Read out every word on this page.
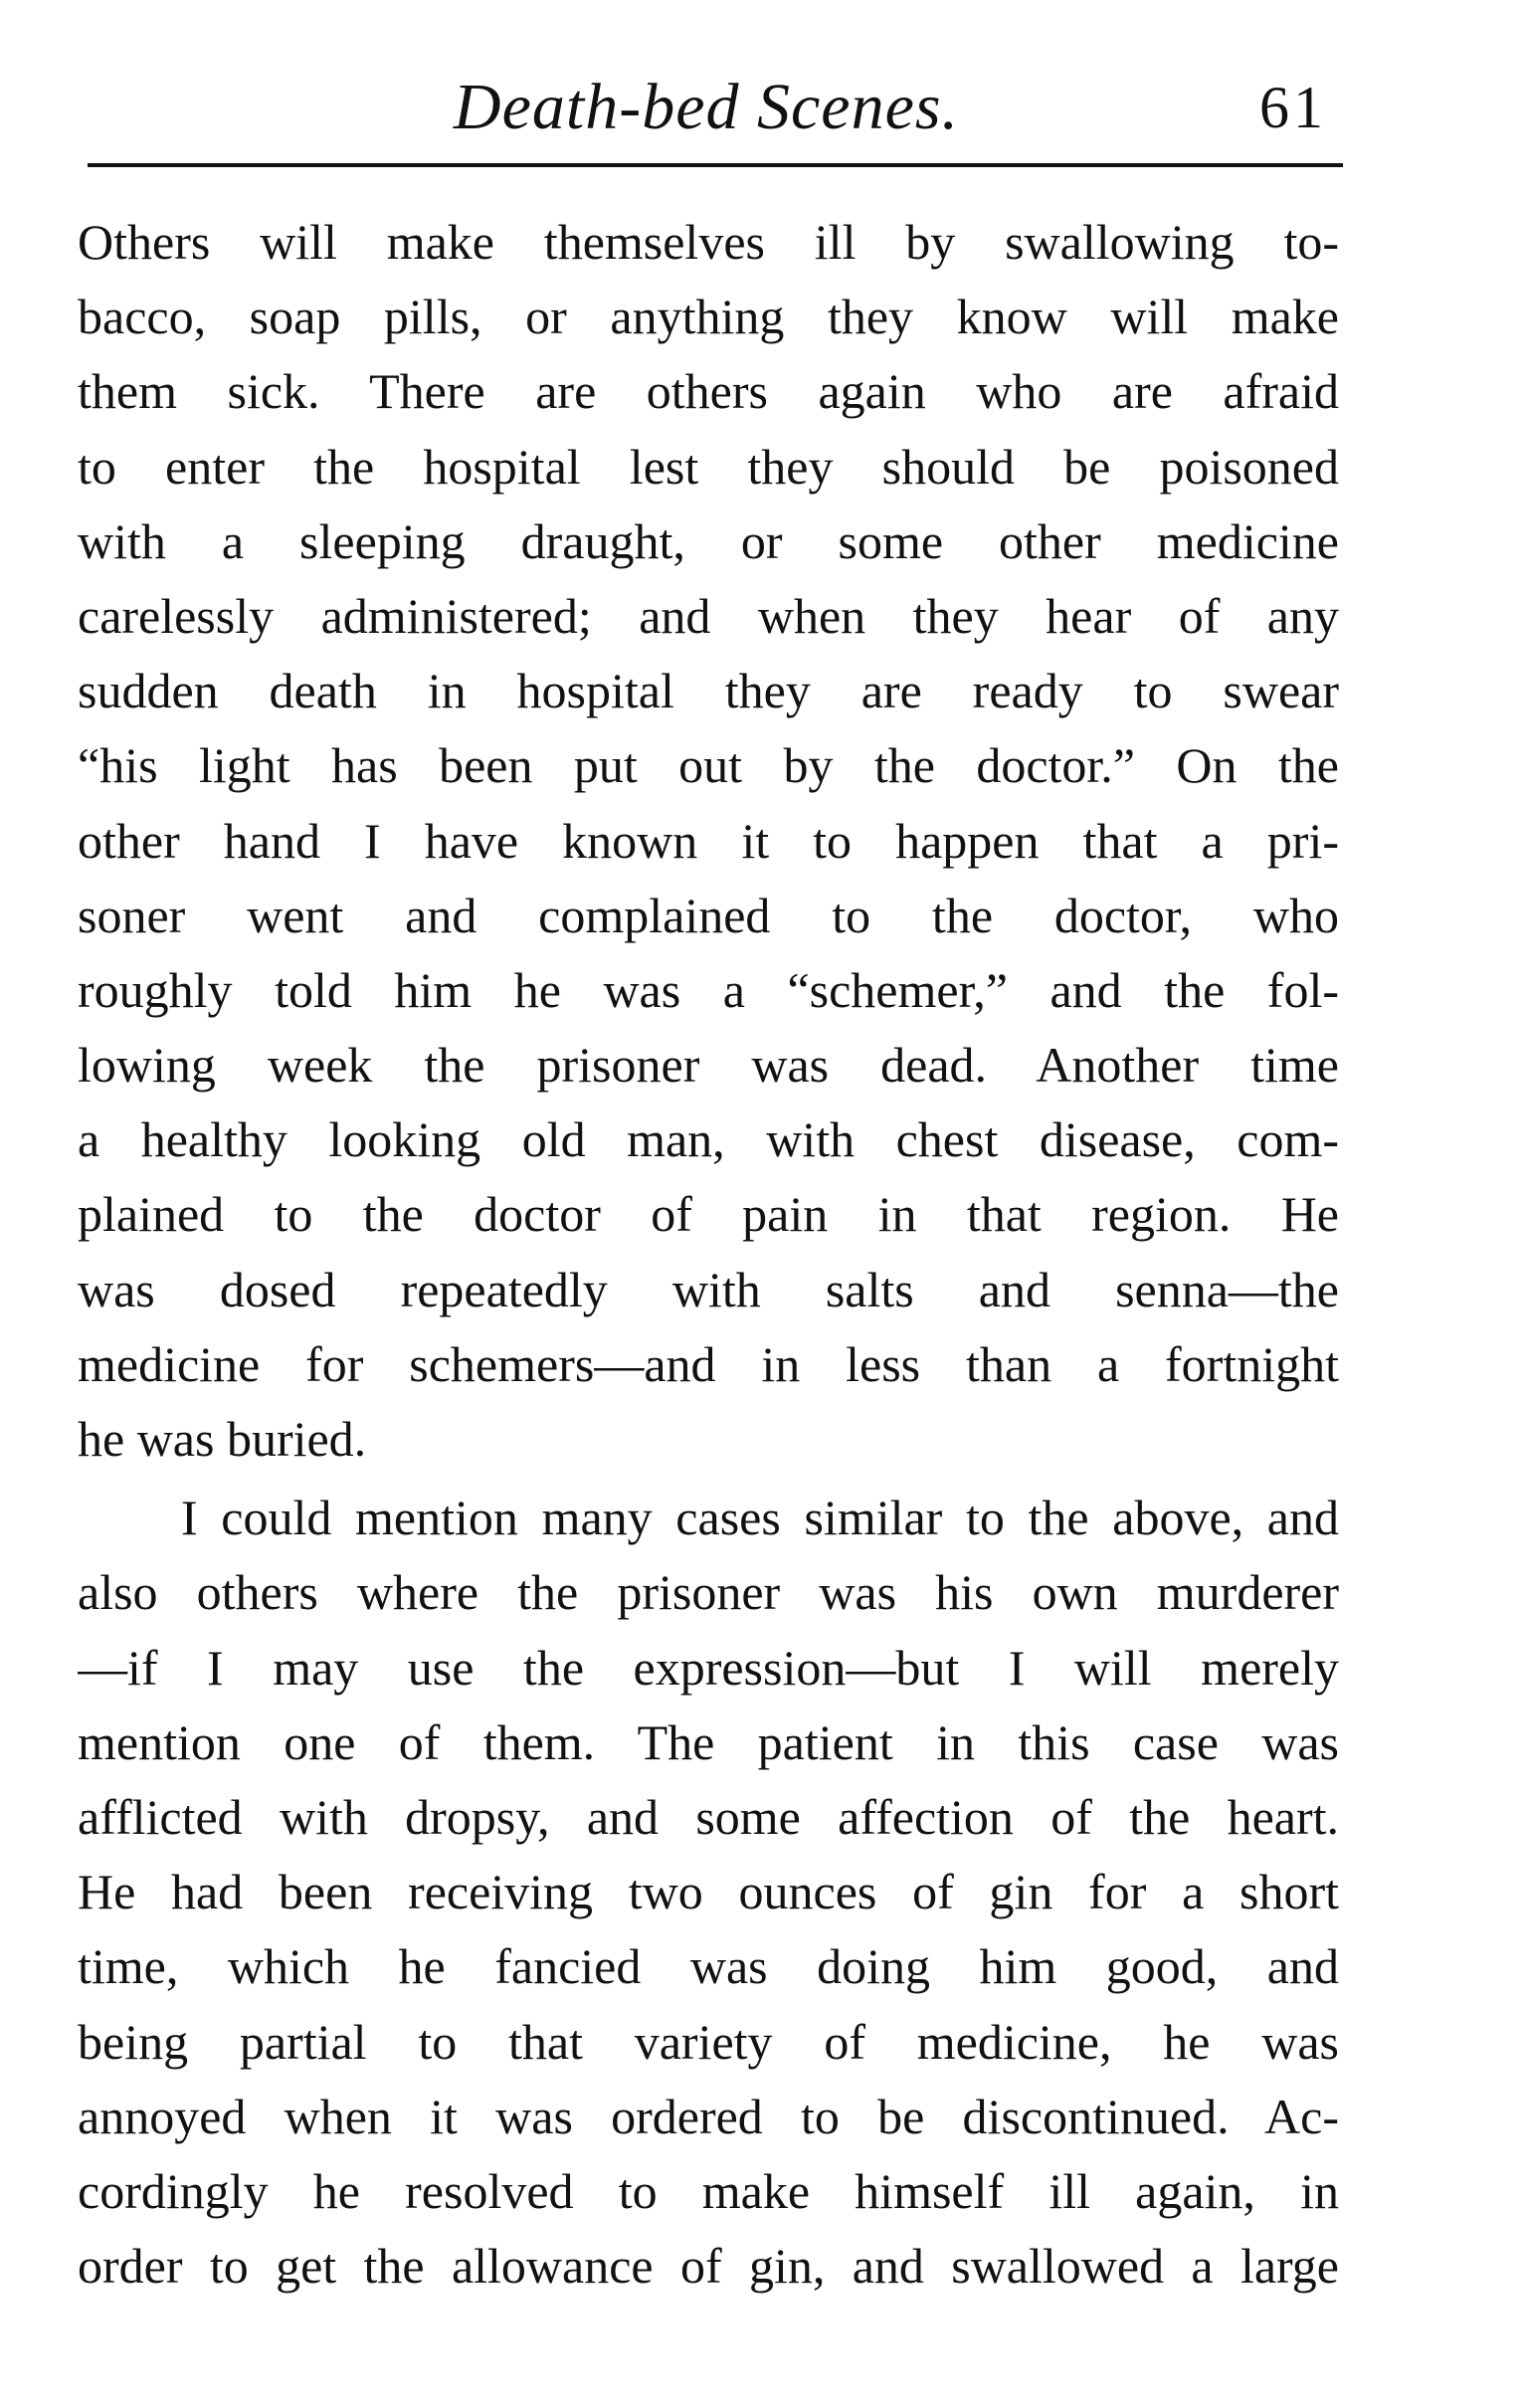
Death-bed Scenes.	61
Others will make themselves ill by swallowing to-
bacco, soap pills, or anything they know will make
them sick. There are others again who are afraid
to enter the hospital lest they should be poisoned
with a sleeping draught, or some other medicine
carelessly administered; and when they hear of any
sudden death in hospital they are ready to swear
“his light has been put out by the doctor.” On the
other hand I have known it to happen that a pri-
soner went and complained to the doctor, who
roughly told him he was a “schemer,” and the fol-
lowing week the prisoner was dead. Another time
a healthy looking old man, with chest disease, com-
plained to the doctor of pain in that region. He
was dosed repeatedly with salts and senna—the
medicine for schemers—and in less than a fortnight
he was buried.
I could mention many cases similar to the above, and
also others where the prisoner was his own murderer
—if I may use the expression—but I will merely
mention one of them. The patient in this case was
afflicted with dropsy, and some affection of the heart.
He had been receiving two ounces of gin for a short
time, which he fancied was doing him good, and
being partial to that variety of medicine, he was
annoyed when it was ordered to be discontinued. Ac-
cordingly he resolved to make himself ill again, in
order to get the allowance of gin, and swallowed a large
